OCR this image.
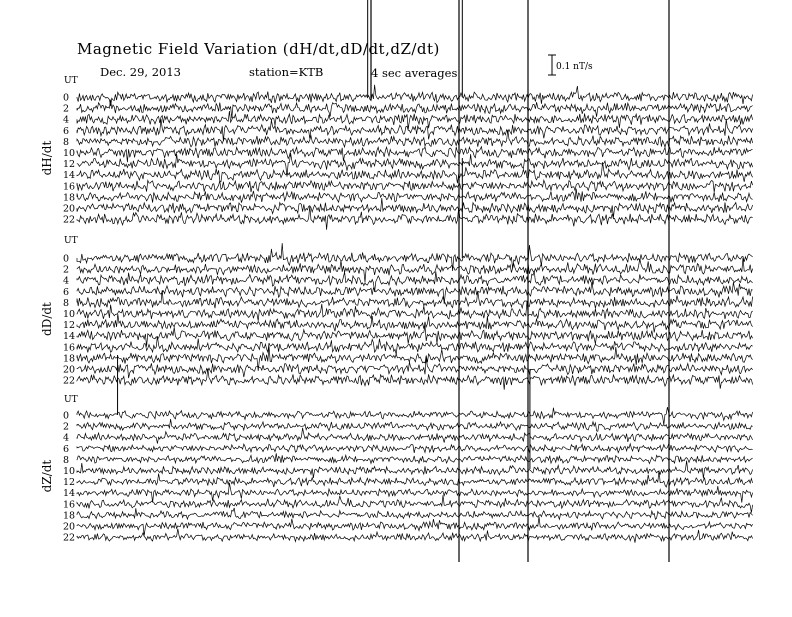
Magnetic Field Variation (dH/dt,dD/dt,dZ/dt)
Dec. 29, 2013	station=KTB	4 sec averages	0.1 nT/s
UT
dH/dt
0
2
4
6
8
10
12
14
16
18
20
22
UT
dD/dt
0
2
4
6
8
10
12
14
16
18
20
22
UT
dZ/dt
0
2
4
6
8
10
12
14
16
18
20
22
